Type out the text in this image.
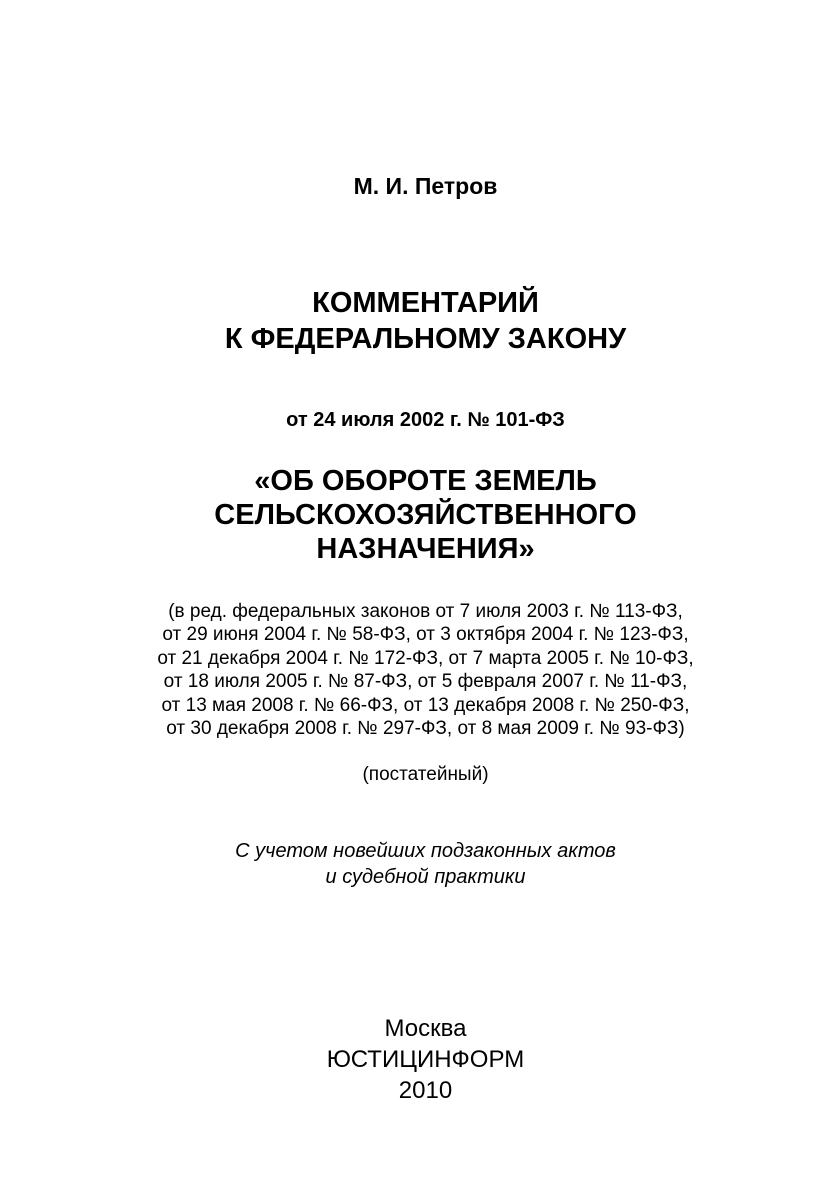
М. И. Петров
КОММЕНТАРИЙ
К ФЕДЕРАЛЬНОМУ ЗАКОНУ
от 24 июля 2002 г. № 101-ФЗ
«ОБ ОБОРОТЕ ЗЕМЕЛЬ
СЕЛЬСКОХОЗЯЙСТВЕННОГО
НАЗНАЧЕНИЯ»
(в ред. федеральных законов от 7 июля 2003 г. № 113-ФЗ,
от 29 июня 2004 г. № 58-ФЗ, от 3 октября 2004 г. № 123-ФЗ,
от 21 декабря 2004 г. № 172-ФЗ, от 7 марта 2005 г. № 10-ФЗ,
от 18 июля 2005 г. № 87-ФЗ, от 5 февраля 2007 г. № 11-ФЗ,
от 13 мая 2008 г. № 66-ФЗ, от 13 декабря 2008 г. № 250-ФЗ,
от 30 декабря 2008 г. № 297-ФЗ, от 8 мая 2009 г. № 93-ФЗ)
(постатейный)
С учетом новейших подзаконных актов
и судебной практики
Москва
ЮСТИЦИНФОРМ
2010
